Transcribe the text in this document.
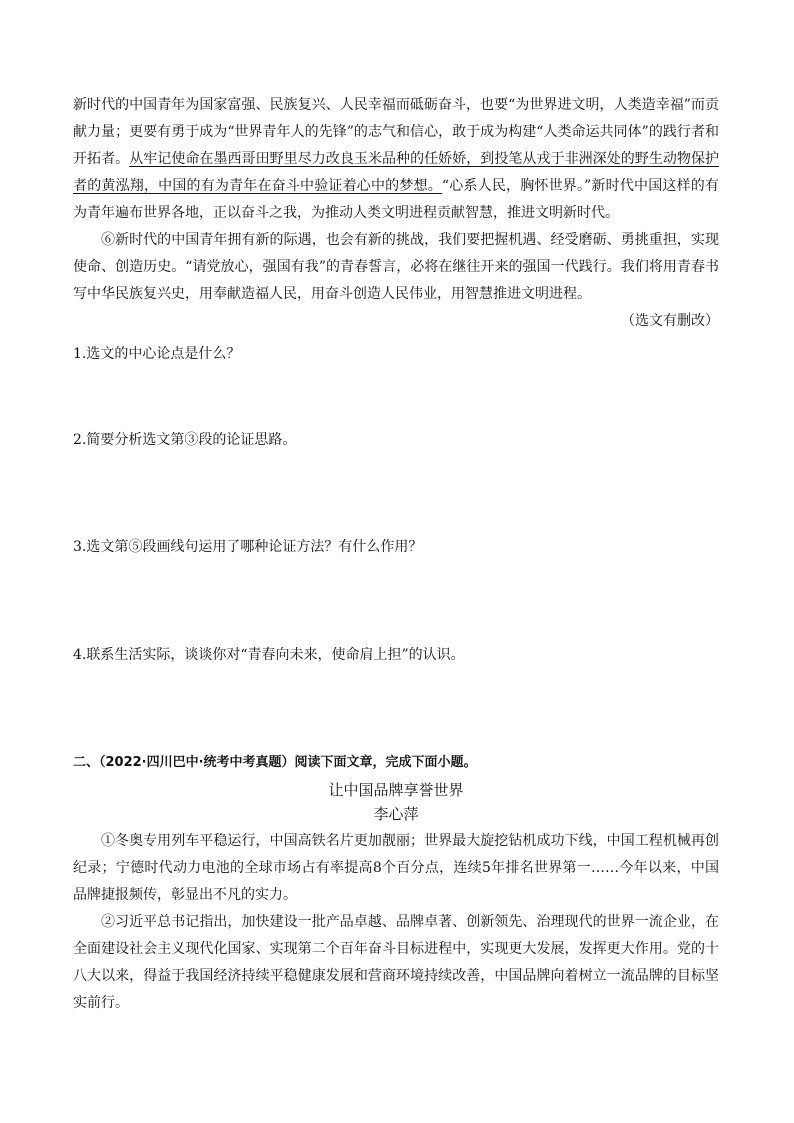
新时代的中国青年为国家富强、民族复兴、人民幸福而砥砺奋斗，也要“为世界进文明，人类造幸福”而贡献力量；更要有勇于成为“世界青年人的先锋”的志气和信心，敢于成为构建“人类命运共同体”的践行者和开拓者。从牢记使命在墨西哥田野里尽力改良玉米品种的任娇娇，到投笔从戎于非洲深处的野生动物保护者的黄泓翔，中国的有为青年在奋斗中验证着心中的梦想。“心系人民，胸怀世界。”新时代中国这样的有为青年遍布世界各地，正以奋斗之我，为推动人类文明进程贡献智慧，推进文明新时代。

⑥新时代的中国青年拥有新的际遇，也会有新的挑战，我们要把握机遇、经受磨砺、勇挑重担，实现使命、创造历史。“请党放心，强国有我”的青春誓言，必将在继往开来的强国一代践行。我们将用青春书写中华民族复兴史，用奉献造福人民，用奋斗创造人民伟业，用智慧推进文明进程。

（选文有删改）

1.选文的中心论点是什么？

2.简要分析选文第③段的论证思路。

3.选文第⑤段画线句运用了哪种论证方法？有什么作用？

4.联系生活实际，谈谈你对“青春向未来，使命肩上担”的认识。

二、（2022·四川巴中·统考中考真题）阅读下面文章，完成下面小题。

让中国品牌享誉世界

李心萍

①冬奥专用列车平稳运行，中国高铁名片更加靓丽；世界最大旋挖钻机成功下线，中国工程机械再创纪录；宁德时代动力电池的全球市场占有率提高8个百分点，连续5年排名世界第一……今年以来，中国品牌捷报频传，彰显出不凡的实力。

②习近平总书记指出，加快建设一批产品卓越、品牌卓著、创新领先、治理现代的世界一流企业，在全面建设社会主义现代化国家、实现第二个百年奋斗目标进程中，实现更大发展，发挥更大作用。党的十八大以来，得益于我国经济持续平稳健康发展和营商环境持续改善，中国品牌向着树立一流品牌的目标坚实前行。
